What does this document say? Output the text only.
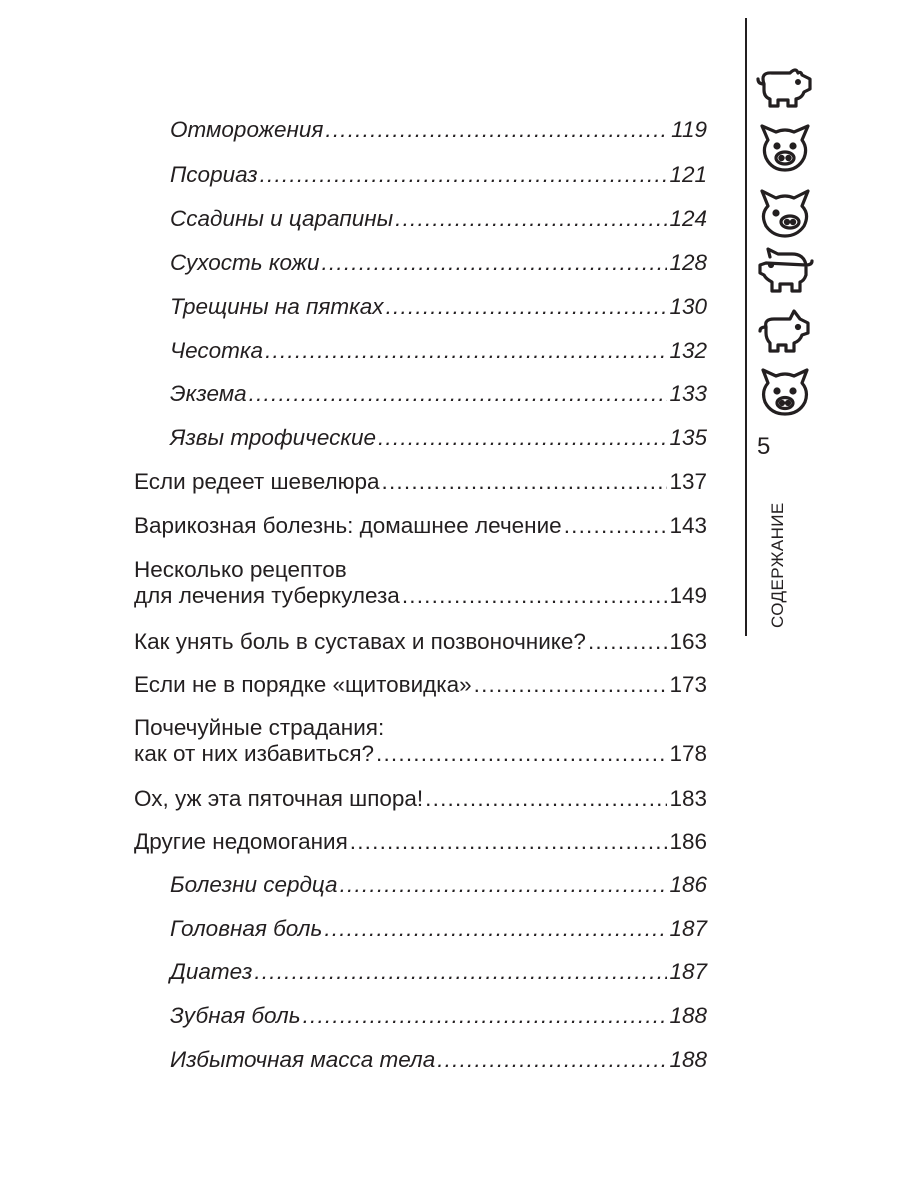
Отморожения .....	119
Псориаз .....	121
Ссадины и царапины .....	124
Сухость кожи .....	128
Трещины на пятках .....	130
Чесотка .....	132
Экзема .....	133
Язвы трофические .....	135
Если редеет шевелюра .....	137
Варикозная болезнь: домашнее лечение .....	143
Несколько рецептов
для лечения туберкулеза .....	149
Как унять боль в суставах и позвоночнике? .....	163
Если не в порядке «щитовидка» .....	173
Почечуйные страдания:
как от них избавиться? .....	178
Ох, уж эта пяточная шпора! .....	183
Другие недомогания .....	186
Болезни сердца .....	186
Головная боль .....	187
Диатез .....	187
Зубная боль .....	188
Избыточная масса тела .....	188
5
СОДЕРЖАНИЕ
